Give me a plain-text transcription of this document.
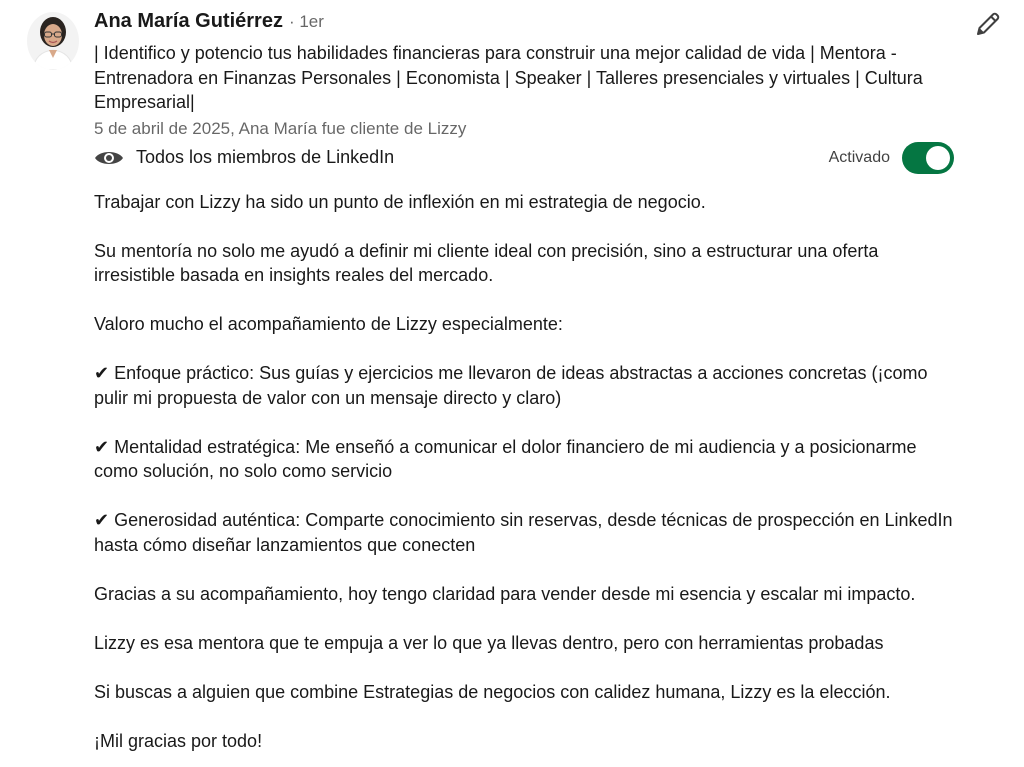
Ana María Gutiérrez · 1er
| Identifico y potencio tus habilidades financieras para construir una mejor calidad de vida | Mentora - Entrenadora en Finanzas Personales | Economista | Speaker | Talleres presenciales y virtuales | Cultura Empresarial|
5 de abril de 2025, Ana María fue cliente de Lizzy
Todos los miembros de LinkedIn	Activado

Trabajar con Lizzy ha sido un punto de inflexión en mi estrategia de negocio.

Su mentoría no solo me ayudó a definir mi cliente ideal con precisión, sino a estructurar una oferta irresistible basada en insights reales del mercado.

Valoro mucho el acompañamiento de Lizzy especialmente:

✔ Enfoque práctico: Sus guías y ejercicios me llevaron de ideas abstractas a acciones concretas (¡como pulir mi propuesta de valor con un mensaje directo y claro)

✔ Mentalidad estratégica: Me enseñó a comunicar el dolor financiero de mi audiencia y a posicionarme como solución, no solo como servicio

✔ Generosidad auténtica: Comparte conocimiento sin reservas, desde técnicas de prospección en LinkedIn hasta cómo diseñar lanzamientos que conecten

Gracias a su acompañamiento, hoy tengo claridad para vender desde mi esencia y escalar mi impacto.

Lizzy es esa mentora que te empuja a ver lo que ya llevas dentro, pero con herramientas probadas

Si buscas a alguien que combine Estrategias de negocios con calidez humana, Lizzy es la elección.

¡Mil gracias por todo!
